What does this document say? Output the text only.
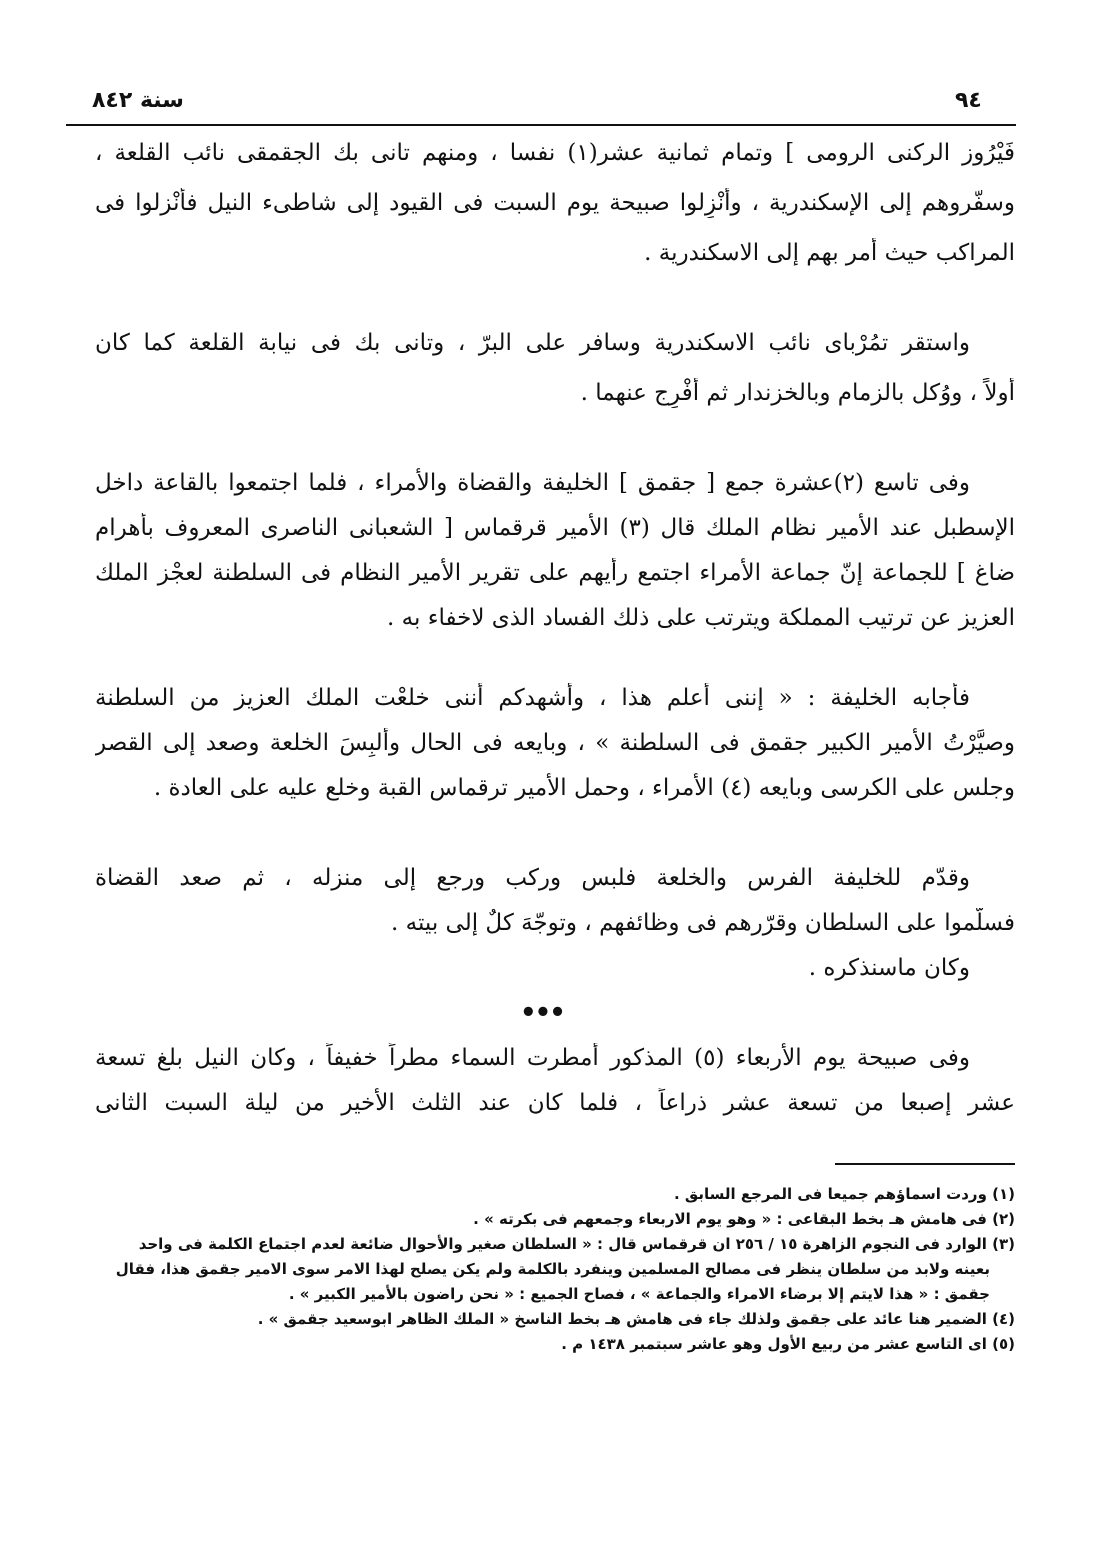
٩٤
سنة ٨٤٢
فَيْرُوز الركنى الرومى ] وتمام ثمانية عشر(١) نفسا ، ومنهم تانى بك الجقمقى نائب القلعة ،
وسفّروهم إلى الإسكندرية ، وأنْزِلوا صبيحة يوم السبت فى القيود إلى شاطىء النيل فأنْزلوا فى
المراكب حيث أمر بهم إلى الاسكندرية .
واستقر تمُرْباى نائب الاسكندرية وسافر على البرّ ، وتانى بك فى نيابة القلعة كما كان
أولاً ، ووُكل بالزمام وبالخزندار ثم أفْرِج عنهما .
وفى تاسع (٢)عشرة جمع [ جقمق ] الخليفة والقضاة والأمراء ، فلما اجتمعوا بالقاعة داخل
الإسطبل عند الأمير نظام الملك قال (٣) الأمير قرقماس [ الشعبانى الناصرى المعروف بأهرام
ضاغ ] للجماعة إنّ جماعة الأمراء اجتمع رأيهم على تقرير الأمير النظام فى السلطنة لعجْز الملك
العزيز عن ترتيب المملكة ويترتب على ذلك الفساد الذى لاخفاء به .
فأجابه الخليفة : « إننى أعلم هذا ، وأشهدكم أننى خلعْت الملك العزيز من السلطنة
وصيَّرْتُ الأمير الكبير جقمق فى السلطنة » ، وبايعه فى الحال وأُلبِسَ الخلعة وصعد إلى القصر
وجلس على الكرسى وبايعه (٤) الأمراء ، وحمل الأمير ترقماس القبة وخلع عليه على العادة .
وقدّم للخليفة الفرس والخلعة فلبس وركب ورجع إلى منزله ، ثم صعد القضاة
فسلّموا على السلطان وقرّرهم فى وظائفهم ، وتوجّهَ كلٌ إلى بيته .
وكان ماسنذكره .
•••
وفى صبيحة يوم الأربعاء (٥) المذكور أمطرت السماء مطراً خفيفاً ، وكان النيل بلغ تسعة
عشر إصبعا من تسعة عشر ذراعاً ، فلما كان عند الثلث الأخير من ليلة السبت الثانى
(١) وردت اسماؤهم جميعا فى المرجع السابق .
(٢) فى هامش هـ بخط البقاعى : « وهو يوم الاربعاء وجمعهم فى بكرته » .
(٣) الوارد فى النجوم الزاهرة ١٥ / ٢٥٦ ان قرقماس قال : « السلطان صغير والأحوال ضائعة لعدم اجتماع الكلمة فى واحد
بعينه ولابد من سلطان ينظر فى مصالح المسلمين وينفرد بالكلمة ولم يكن يصلح لهذا الامر سوى الامير جقمق هذا، فقال
جقمق : « هذا لايتم إلا برضاء الامراء والجماعة » ، فصاح الجميع : « نحن راضون بالأمير الكبير » .
(٤) الضمير هنا عائد على جقمق ولذلك جاء فى هامش هـ بخط الناسخ « الملك الظاهر ابوسعيد جقمق » .
(٥) اى التاسع عشر من ربيع الأول وهو عاشر سبتمبر ١٤٣٨ م .
